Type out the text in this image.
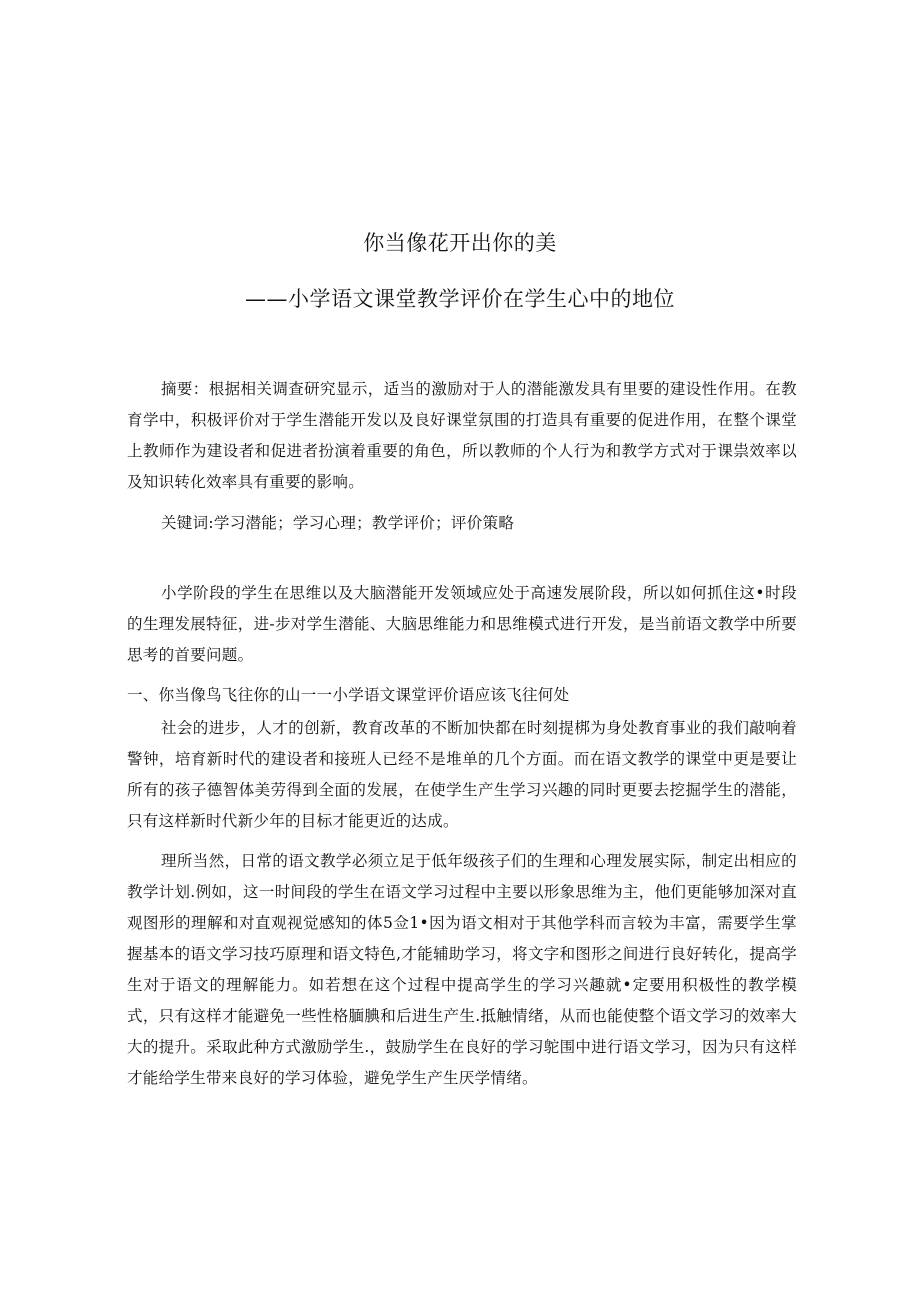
你当像花开出你的美
——小学语文课堂教学评价在学生心中的地位

摘要：根据相关调查研究显示，适当的激励对于人的潜能激发具有里要的建设性作用。在教育学中，积极评价对于学生潜能开发以及良好课堂氛围的打造具有重要的促进作用，在整个课堂上教师作为建设者和促进者扮演着重要的角色，所以教师的个人行为和教学方式对于课祟效率以及知识转化效率具有重要的影响。

关键词:学习潜能；学习心理；教学评价；评价策略

小学阶段的学生在思维以及大脑潜能开发领域应处于高速发展阶段，所以如何抓住这•时段的生理发展特征，进-步对学生潜能、大脑思维能力和思维模式进行开发，是当前语文教学中所要思考的首要问题。

一、你当像鸟飞往你的山一一小学语文课堂评价语应该飞往何处

社会的进步，人才的创新，教育改革的不断加快都在时刻提梆为身处教育事业的我们敲响着警钟，培育新时代的建设者和接班人已经不是堆单的几个方面。而在语文教学的课堂中更是要让所有的孩子德智体美劳得到全面的发展，在使学生产生学习兴趣的同时更要去挖掘学生的潜能，只有这样新时代新少年的目标才能更近的达成。

理所当然，日常的语文教学必须立足于低年级孩子们的生理和心理发展实际，制定出相应的教学计划.例如，这一时间段的学生在语文学习过程中主要以形象思维为主，他们更能够加深对直观图形的理解和对直观视觉感知的体5佥1•因为语文相对于其他学科而言较为丰富，需要学生掌握基本的语文学习技巧原理和语文特色,才能辅助学习，将文字和图形之间进行良好转化，提高学生对于语文的理解能力。如若想在这个过程中提高学生的学习兴趣就•定要用积极性的教学模式，只有这样才能避免一些性格腼腆和后进生产生.抵触情绪，从而也能使整个语文学习的效率大大的提升。采取此种方式激励学生.，鼓励学生在良好的学习鸵围中进行语文学习，因为只有这样才能给学生带来良好的学习体验，避免学生产生厌学情绪。
